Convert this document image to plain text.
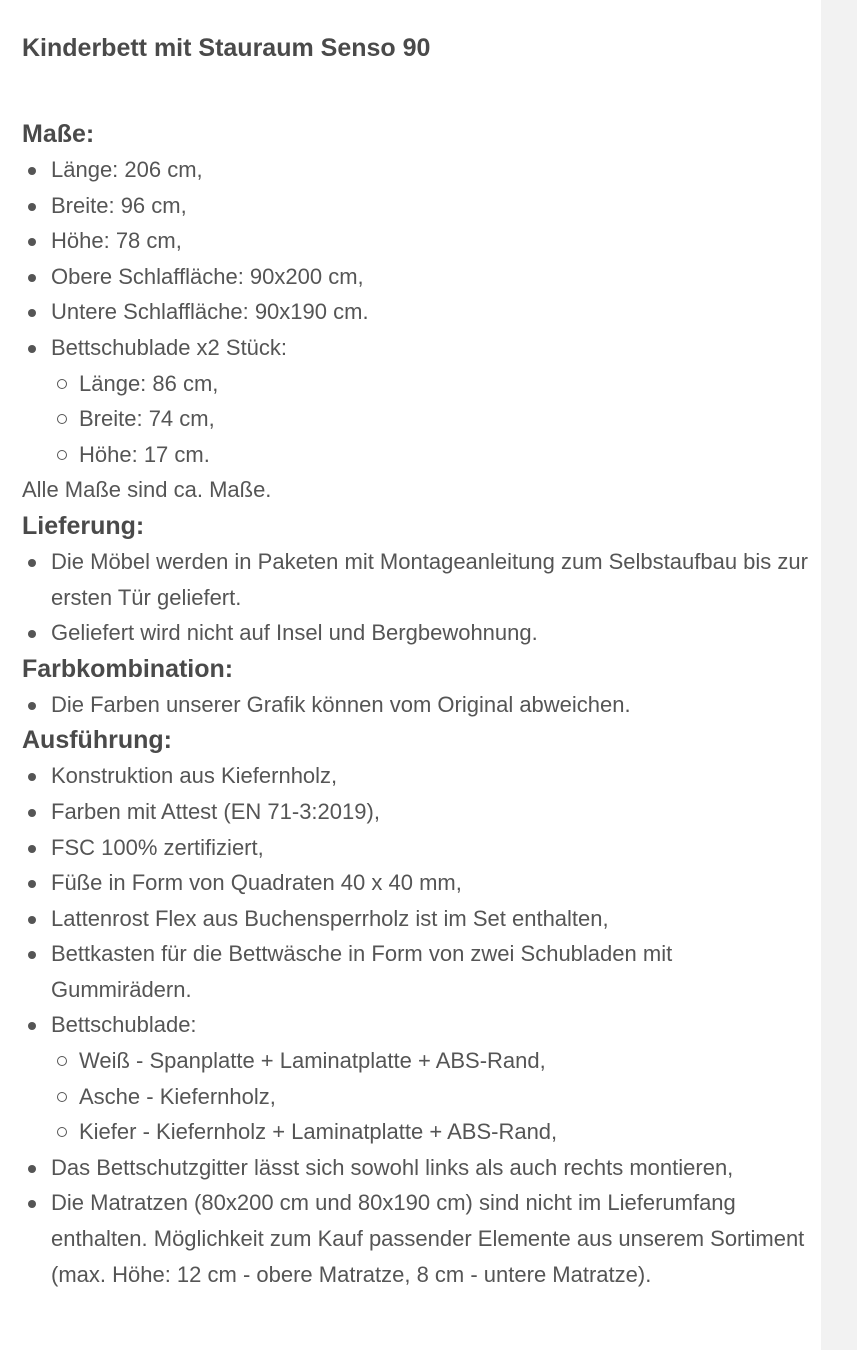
Kinderbett mit Stauraum Senso 90
Maße:
Länge: 206 cm,
Breite: 96 cm,
Höhe: 78 cm,
Obere Schlaffläche: 90x200 cm,
Untere Schlaffläche: 90x190 cm.
Bettschublade x2 Stück:
Länge: 86 cm,
Breite: 74 cm,
Höhe: 17 cm.

Alle Maße sind ca. Maße.

Lieferung:
Die Möbel werden in Paketen mit Montageanleitung zum Selbstaufbau bis zur ersten Tür geliefert.
Geliefert wird nicht auf Insel und Bergbewohnung.
Farbkombination:
Die Farben unserer Grafik können vom Original abweichen.
Ausführung:
Konstruktion aus Kiefernholz,
Farben mit Attest (EN 71-3:2019),
FSC 100% zertifiziert,
Füße in Form von Quadraten 40 x 40 mm,
Lattenrost Flex aus Buchensperrholz ist im Set enthalten,
Bettkasten für die Bettwäsche in Form von zwei Schubladen mit Gummirädern.
Bettschublade:
Weiß - Spanplatte + Laminatplatte + ABS-Rand,
Asche - Kiefernholz,
Kiefer - Kiefernholz + Laminatplatte + ABS-Rand,
Das Bettschutzgitter lässt sich sowohl links als auch rechts montieren,
Die Matratzen (80x200 cm und 80x190 cm) sind nicht im Lieferumfang enthalten. Möglichkeit zum Kauf passender Elemente aus unserem Sortiment (max. Höhe: 12 cm - obere Matratze, 8 cm - untere Matratze).
